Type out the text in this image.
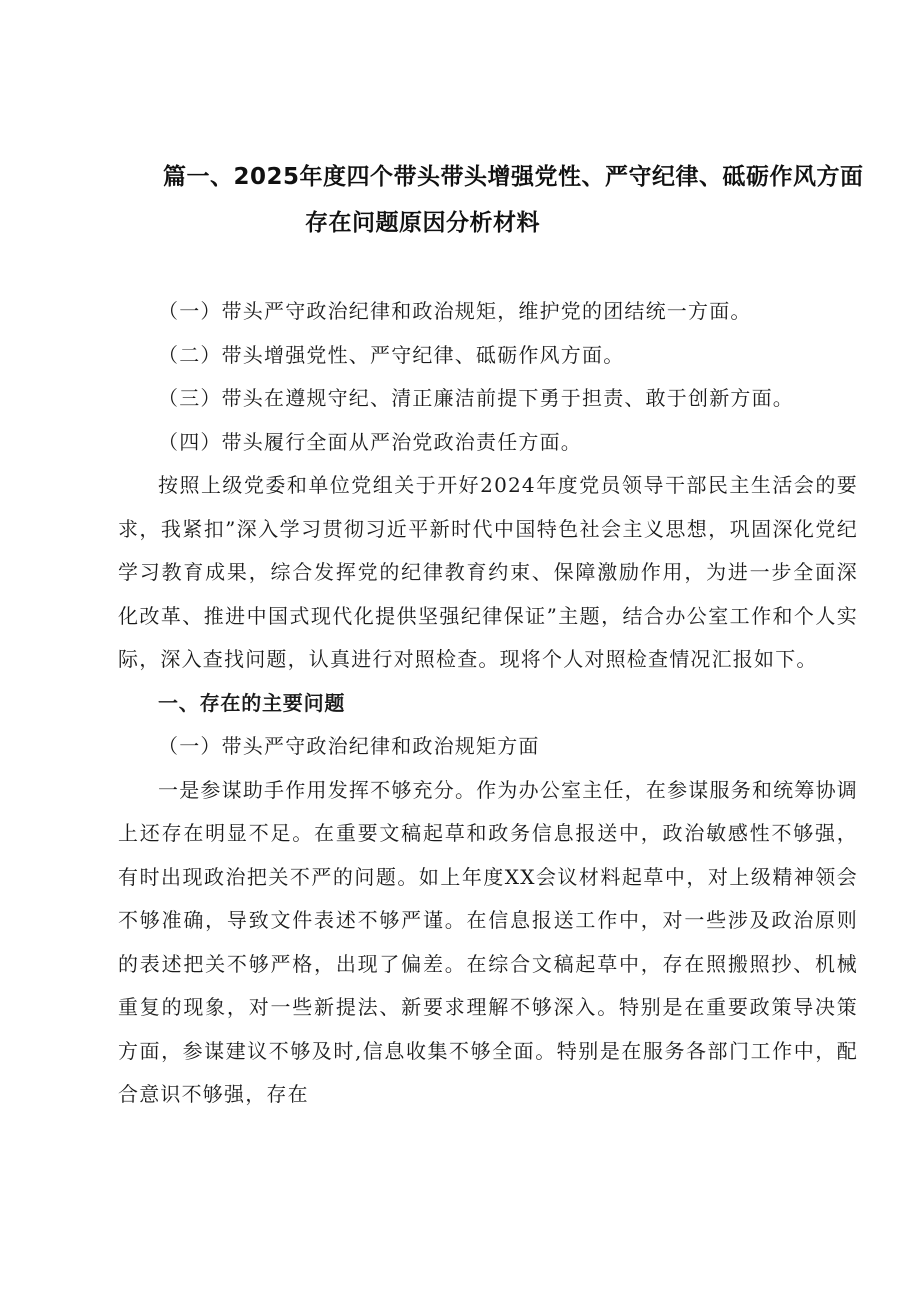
篇一、2025年度四个带头带头增强党性、严守纪律、砥砺作风方面
存在问题原因分析材料

（一）带头严守政治纪律和政治规矩，维护党的团结统一方面。

（二）带头增强党性、严守纪律、砥砺作风方面。

（三）带头在遵规守纪、清正廉洁前提下勇于担责、敢于创新方面。

（四）带头履行全面从严治党政治责任方面。

按照上级党委和单位党组关于开好2024年度党员领导干部民主生活会的要求，我紧扣”深入学习贯彻习近平新时代中国特色社会主义思想，巩固深化党纪学习教育成果，综合发挥党的纪律教育约束、保障激励作用，为进一步全面深化改革、推进中国式现代化提供坚强纪律保证”主题，结合办公室工作和个人实际，深入查找问题，认真进行对照检查。现将个人对照检查情况汇报如下。

一、存在的主要问题

（一）带头严守政治纪律和政治规矩方面

一是参谋助手作用发挥不够充分。作为办公室主任，在参谋服务和统筹协调上还存在明显不足。在重要文稿起草和政务信息报送中，政治敏感性不够强，有时出现政治把关不严的问题。如上年度XX会议材料起草中，对上级精神领会不够准确，导致文件表述不够严谨。在信息报送工作中，对一些涉及政治原则的表述把关不够严格，出现了偏差。在综合文稿起草中，存在照搬照抄、机械重复的现象，对一些新提法、新要求理解不够深入。特别是在重要政策导决策方面，参谋建议不够及时,信息收集不够全面。特别是在服务各部门工作中，配合意识不够强，存在
